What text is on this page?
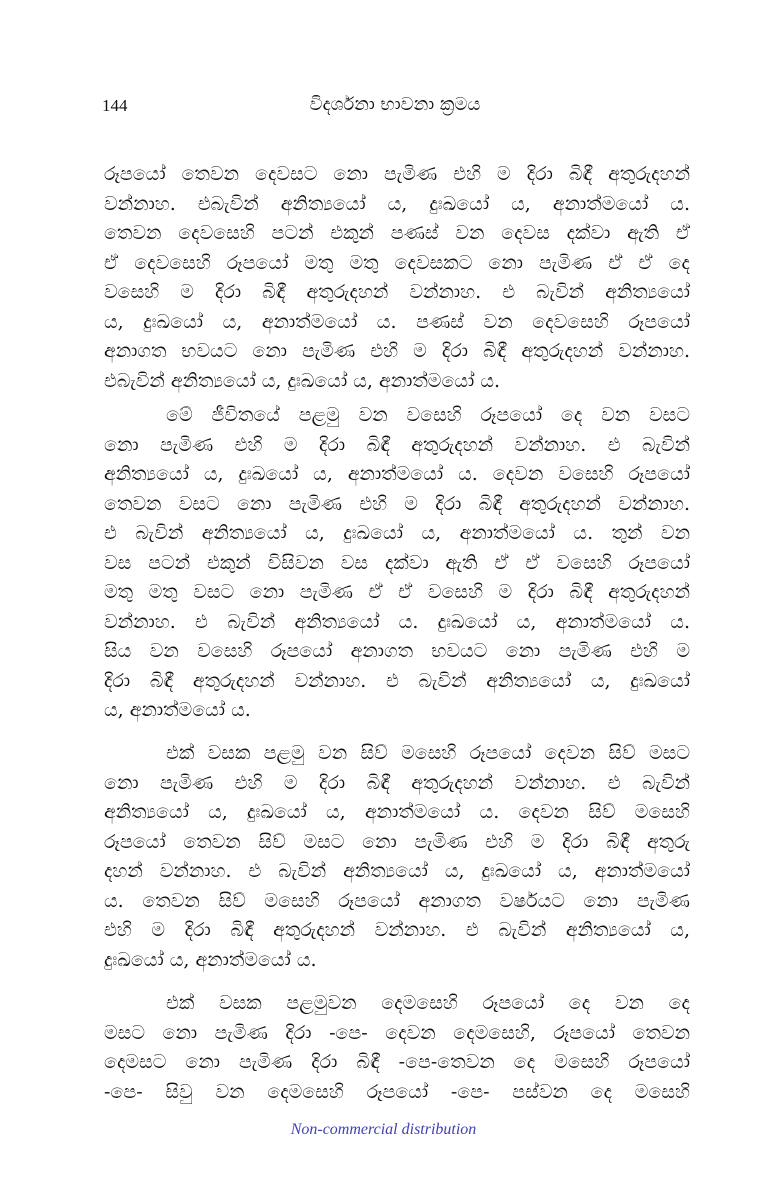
144	විදර්ශනා භාවනා ක්‍රමය
රූපයෝ තෙවන දෙවසට නො පැමිණ එහි ම දිරා බිඳී අතුරුදහන්
වන්නාහ. එබැවින් අනිත්‍යයෝ ය, දුඃඛයෝ ය, අනාත්මයෝ ය.
තෙවන දෙවසෙහි පටන් එකුන් පණස් වන දෙවස දක්වා ඇති ඒ
ඒ දෙවසෙහි රූපයෝ මතු මතු දෙවසකට නො පැමිණ ඒ ඒ දෙ
වසෙහි ම දිරා බිඳී අතුරුදහන් වන්නාහ. එ බැවින් අනිත්‍යයෝ
ය, දුඃඛයෝ ය, අනාත්මයෝ ය. පණස් වන දෙවසෙහි රූපයෝ
අනාගත භවයට නො පැමිණ එහි ම දිරා බිඳී අතුරුදහන් වන්නාහ.
එබැවින් අනිත්‍යයෝ ය, දුඃඛයෝ ය, අනාත්මයෝ ය.
මේ ජීවිතයේ පළමු වන වසෙහි රූපයෝ දෙ වන වසට
නො පැමිණ එහි ම දිරා බිඳී අතුරුදහන් වන්නාහ. එ බැවින්
අනිත්‍යයෝ ය, දුඃඛයෝ ය, අනාත්මයෝ ය. දෙවන වසෙහි රූපයෝ
තෙවන වසට නො පැමිණ එහි ම දිරා බිඳී අතුරුදහන් වන්නාහ.
එ බැවින් අනිත්‍යයෝ ය, දුඃඛයෝ ය, අනාත්මයෝ ය. තුන් වන
වස පටන් එකුන් විසිවන වස දක්වා ඇති ඒ ඒ වසෙහි රූපයෝ
මතු මතු වසට නො පැමිණ ඒ ඒ වසෙහි ම දිරා බිඳී අතුරුදහන්
වන්නාහ. එ බැවින් අනිත්‍යයෝ ය. දුඃඛයෝ ය, අනාත්මයෝ ය.
සිය වන වසෙහි රූපයෝ අනාගත භවයට නො පැමිණ එහි ම
දිරා බිඳී අතුරුදහන් වන්නාහ. එ බැවින් අනිත්‍යයෝ ය, දුඃඛයෝ
ය, අනාත්මයෝ ය.
එක් වසක පළමු වන සිව් මසෙහි රූපයෝ දෙවන සිව් මසට
නො පැමිණ එහි ම දිරා බිඳී අතුරුදහන් වන්නාහ. එ බැවින්
අනිත්‍යයෝ ය, දුඃඛයෝ ය, අනාත්මයෝ ය. දෙවන සිව් මසෙහි
රූපයෝ තෙවන සිව් මසට නො පැමිණ එහි ම දිරා බිඳී අතුරු
දහන් වන්නාහ. එ බැවින් අනිත්‍යයෝ ය, දුඃඛයෝ ය, අනාත්මයෝ
ය. තෙවන සිව් මසෙහි රූපයෝ අනාගත වර්ෂයට නො පැමිණ
එහි ම දිරා බිඳී අතුරුදහන් වන්නාහ. එ බැවින් අනිත්‍යයෝ ය,
දුඃඛයෝ ය, අනාත්මයෝ ය.
එක් වසක පළමුවන දෙමසෙහි රූපයෝ දෙ වන දෙ
මසට නො පැමිණ දිරා -පෙ- දෙවන දෙමසෙහි, රූපයෝ තෙවන
දෙමසට නො පැමිණ දිරා බිඳී -පෙ-තෙවන දෙ මසෙහි රූපයෝ
-පෙ- සිවු වන දෙමසෙහි රූපයෝ -පෙ- පස්වන දෙ මසෙහි
Non-commercial distribution
